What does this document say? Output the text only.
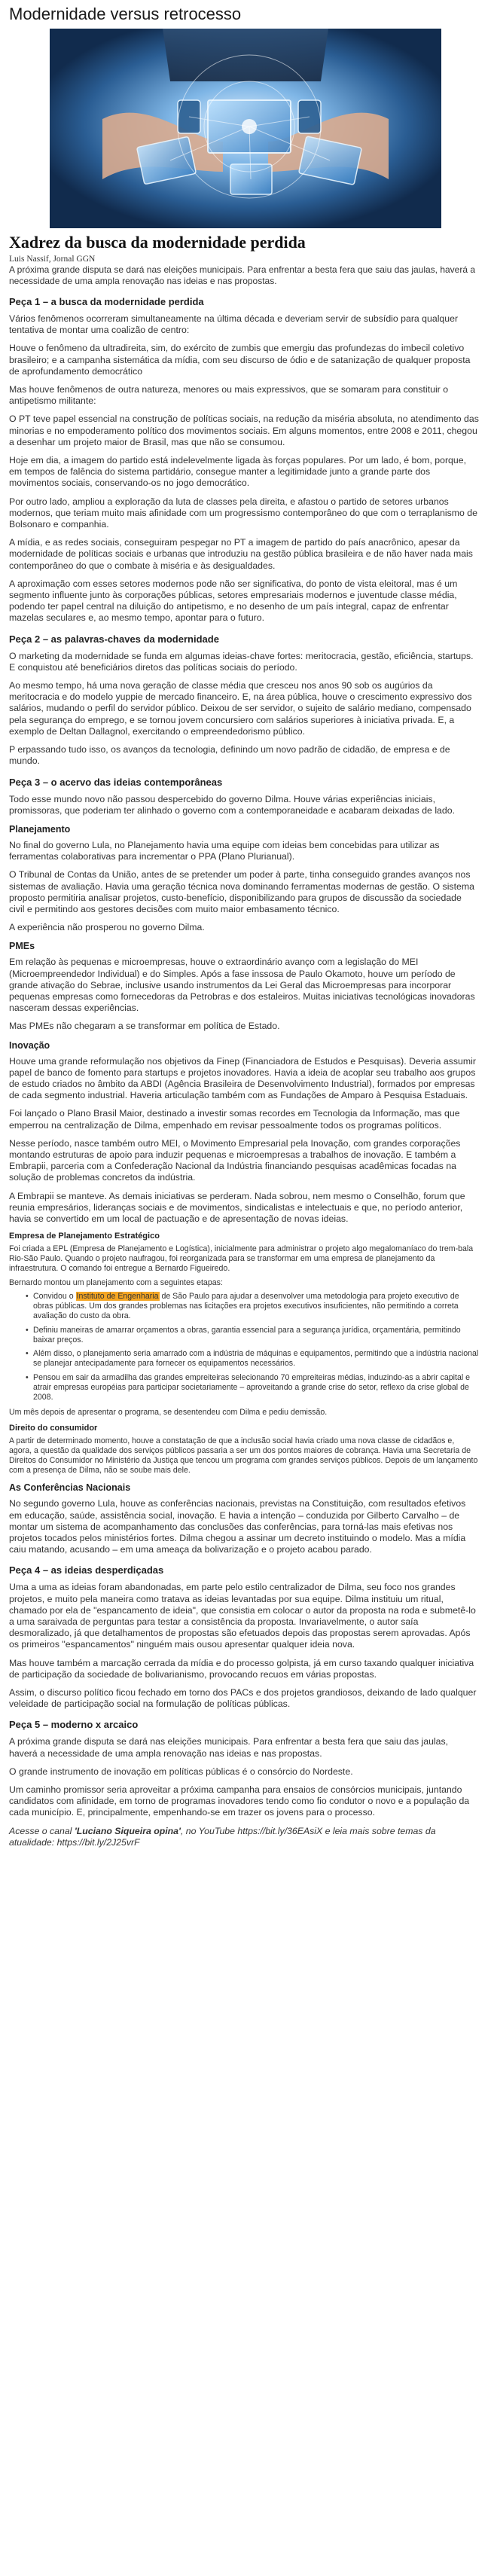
Modernidade versus retrocesso
Xadrez da busca da modernidade perdida

Luis Nassif, Jornal GGN

A próxima grande disputa se dará nas eleições municipais. Para enfrentar a besta fera que saiu das jaulas, haverá a necessidade de uma ampla renovação nas ideias e nas propostas.

Peça 1 – a busca da modernidade perdida

Vários fenômenos ocorreram simultaneamente na última década e deveriam servir de subsídio para qualquer tentativa de montar uma coalizão de centro:

Houve o fenômeno da ultradireita, sim, do exército de zumbis que emergiu das profundezas do imbecil coletivo brasileiro; e a campanha sistemática da mídia, com seu discurso de ódio e de satanização de qualquer proposta de aprofundamento democrático

Mas houve fenômenos de outra natureza, menores ou mais expressivos, que se somaram para constituir o antipetismo militante:

O PT teve papel essencial na construção de políticas sociais, na redução da miséria absoluta, no atendimento das minorias e no empoderamento político dos movimentos sociais. Em alguns momentos, entre 2008 e 2011, chegou a desenhar um projeto maior de Brasil, mas que não se consumou.

Hoje em dia, a imagem do partido está indelevelmente ligada às forças populares. Por um lado, é bom, porque, em tempos de falência do sistema partidário, consegue manter a legitimidade junto a grande parte dos movimentos sociais, conservando-os no jogo democrático.

Por outro lado, ampliou a exploração da luta de classes pela direita, e afastou o partido de setores urbanos modernos, que teriam muito mais afinidade com um progressismo contemporâneo do que com o terraplanismo de Bolsonaro e companhia.

A mídia, e as redes sociais, conseguiram pespegar no PT a imagem de partido do país anacrônico, apesar da modernidade de políticas sociais e urbanas que introduziu na gestão pública brasileira e de não haver nada mais contemporâneo do que o combate à miséria e às desigualdades.

A aproximação com esses setores modernos pode não ser significativa, do ponto de vista eleitoral, mas é um segmento influente junto às corporações públicas, setores empresariais modernos e juventude classe média, podendo ter papel central na diluição do antipetismo, e no desenho de um país integral, capaz de enfrentar mazelas seculares e, ao mesmo tempo, apontar para o futuro.

Peça 2 – as palavras-chaves da modernidade

O marketing da modernidade se funda em algumas ideias-chave fortes: meritocracia, gestão, eficiência, startups. E conquistou até beneficiários diretos das políticas sociais do período.

Ao mesmo tempo, há uma nova geração de classe média que cresceu nos anos 90 sob os augúrios da meritocracia e do modelo yuppie de mercado financeiro. E, na área pública, houve o crescimento expressivo dos salários, mudando o perfil do servidor público. Deixou de ser servidor, o sujeito de salário mediano, compensado pela segurança do emprego, e se tornou jovem concursiero com salários superiores à iniciativa privada. E, a exemplo de Deltan Dallagnol, exercitando o empreendedorismo público.

P erpassando tudo isso, os avanços da tecnologia, definindo um novo padrão de cidadão, de empresa e de mundo.

Peça 3 – o acervo das ideias contemporâneas

Todo esse mundo novo não passou despercebido do governo Dilma. Houve várias experiências iniciais, promissoras, que poderiam ter alinhado o governo com a contemporaneidade e acabaram deixadas de lado.

Planejamento

No final do governo Lula, no Planejamento havia uma equipe com ideias bem concebidas para utilizar as ferramentas colaborativas para incrementar o PPA (Plano Plurianual).

O Tribunal de Contas da União, antes de se pretender um poder à parte, tinha conseguido grandes avanços nos sistemas de avaliação. Havia uma geração técnica nova dominando ferramentas modernas de gestão. O sistema proposto permitiria analisar projetos, custo-benefício, disponibilizando para grupos de discussão da sociedade civil e permitindo aos gestores decisões com muito maior embasamento técnico.

A experiência não prosperou no governo Dilma.

PMEs

Em relação às pequenas e microempresas, houve o extraordinário avanço com a legislação do MEI (Microempreendedor Individual) e do Simples. Após a fase inssosa de Paulo Okamoto, houve um período de grande ativação do Sebrae, inclusive usando instrumentos da Lei Geral das Microempresas para incorporar pequenas empresas como fornecedoras da Petrobras e dos estaleiros. Muitas iniciativas tecnológicas inovadoras nasceram dessas experiências.

Mas PMEs não chegaram a se transformar em política de Estado.

Inovação

Houve uma grande reformulação nos objetivos da Finep (Financiadora de Estudos e Pesquisas). Deveria assumir papel de banco de fomento para startups e projetos inovadores. Havia a ideia de acoplar seu trabalho aos grupos de estudo criados no âmbito da ABDI (Agência Brasileira de Desenvolvimento Industrial), formados por empresas de cada segmento industrial. Haveria articulação também com as Fundações de Amparo à Pesquisa Estaduais.

Foi lançado o Plano Brasil Maior, destinado a investir somas recordes em Tecnologia da Informação, mas que emperrou na centralização de Dilma, empenhado em revisar pessoalmente todos os programas políticos.

Nesse período, nasce também outro MEI, o Movimento Empresarial pela Inovação, com grandes corporações montando estruturas de apoio para induzir pequenas e microempresas a trabalhos de inovação. E também a Embrapii, parceria com a Confederação Nacional da Indústria financiando pesquisas acadêmicas focadas na solução de problemas concretos da indústria.

A Embrapii se manteve. As demais iniciativas se perderam. Nada sobrou, nem mesmo o Conselhão, forum que reunia empresários, lideranças sociais e de movimentos, sindicalistas e intelectuais e que, no período anterior, havia se convertido em um local de pactuação e de apresentação de novas ideias.

Empresa de Planejamento Estratégico

Foi criada a EPL (Empresa de Planejamento e Logística), inicialmente para administrar o projeto algo megalomaníaco do trem-bala Rio-São Paulo. Quando o projeto naufragou, foi reorganizada para se transformar em uma empresa de planejamento da infraestrutura. O comando foi entregue a Bernardo Figueiredo.

Bernardo montou um planejamento com a seguintes etapas:

• Convidou o Instituto de Engenharia de São Paulo para ajudar a desenvolver uma metodologia para projeto executivo de obras públicas. Um dos grandes problemas nas licitações era projetos executivos insuficientes, não permitindo a correta avaliação do custo da obra.
• Definiu maneiras de amarrar orçamentos a obras, garantia essencial para a segurança jurídica, orçamentária, permitindo baixar preços.
• Além disso, o planejamento seria amarrado com a indústria de máquinas e equipamentos, permitindo que a indústria nacional se planejar antecipadamente para fornecer os equipamentos necessários.
• Pensou em sair da armadilha das grandes empreiteiras selecionando 70 empreiteiras médias, induzindo-as a abrir capital e atrair empresas européias para participar societariamente – aproveitando a grande crise do setor, reflexo da crise global de 2008.

Um mês depois de apresentar o programa, se desentendeu com Dilma e pediu demissão.

Direito do consumidor

A partir de determinado momento, houve a constatação de que a inclusão social havia criado uma nova classe de cidadãos e, agora, a questão da qualidade dos serviços públicos passaria a ser um dos pontos maiores de cobrança. Havia uma Secretaria de Direitos do Consumidor no Ministério da Justiça que tencou um programa com grandes serviços públicos. Depois de um lançamento com a presença de Dilma, não se soube mais dele.

As Conferências Nacionais

No segundo governo Lula, houve as conferências nacionais, previstas na Constituição, com resultados efetivos em educação, saúde, assistência social, inovação. E havia a intenção – conduzida por Gilberto Carvalho – de montar um sistema de acompanhamento das conclusões das conferências, para torná-las mais efetivas nos projetos tocados pelos ministérios fortes. Dilma chegou a assinar um decreto instituindo o modelo. Mas a mídia caiu matando, acusando – em uma ameaça da bolivarização e o projeto acabou parado.

Peça 4 – as ideias desperdiçadas

Uma a uma as ideias foram abandonadas, em parte pelo estilo centralizador de Dilma, seu foco nos grandes projetos, e muito pela maneira como tratava as ideias levantadas por sua equipe. Dilma instituiu um ritual, chamado por ela de "espancamento de ideia", que consistia em colocar o autor da proposta na roda e submetê-lo a uma saraivada de perguntas para testar a consistência da proposta. Invariavelmente, o autor saía desmoralizado, já que detalhamentos de propostas são efetuados depois das propostas serem aprovadas. Após os primeiros "espancamentos" ninguém mais ousou apresentar qualquer ideia nova.

Mas houve também a marcação cerrada da mídia e do processo golpista, já em curso taxando qualquer iniciativa de participação da sociedade de bolivarianismo, provocando recuos em várias propostas.

Assim, o discurso político ficou fechado em torno dos PACs e dos projetos grandiosos, deixando de lado qualquer veleidade de participação social na formulação de políticas públicas.

Peça 5 – moderno x arcaico

A próxima grande disputa se dará nas eleições municipais. Para enfrentar a besta fera que saiu das jaulas, haverá a necessidade de uma ampla renovação nas ideias e nas propostas.

O grande instrumento de inovação em políticas públicas é o consórcio do Nordeste.

Um caminho promissor seria aproveitar a próxima campanha para ensaios de consórcios municipais, juntando candidatos com afinidade, em torno de programas inovadores tendo como fio condutor o novo e a população da cada município. E, principalmente, empenhando-se em trazer os jovens para o processo.

Acesse o canal 'Luciano Siqueira opina', no YouTube https://bit.ly/36EAsiX e leia mais sobre temas da atualidade: https://bit.ly/2J25vrF
